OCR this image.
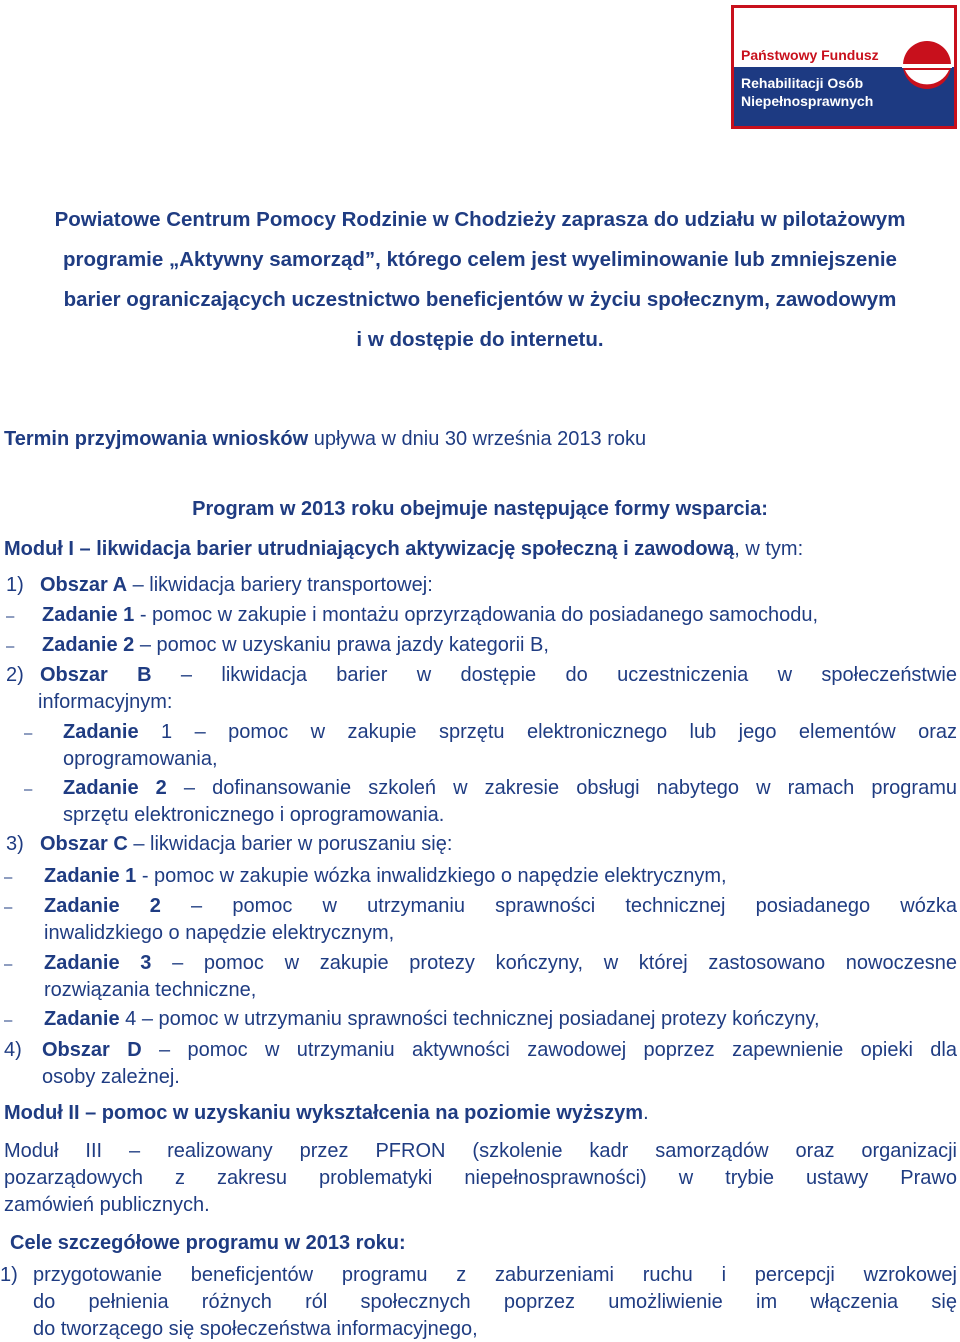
Państwowy Fundusz
Rehabilitacji Osób
Niepełnosprawnych
Powiatowe Centrum Pomocy Rodzinie w Chodzieży zaprasza do udziału w pilotażowym
programie „Aktywny samorząd”, którego celem jest wyeliminowanie lub zmniejszenie
barier ograniczających uczestnictwo beneficjentów w życiu społecznym, zawodowym
i w dostępie do internetu.
Termin przyjmowania wniosków upływa w dniu 30 września 2013 roku
Program w 2013 roku obejmuje następujące formy wsparcia:
Moduł I – likwidacja barier utrudniających aktywizację społeczną i zawodową, w tym:
1) Obszar A – likwidacja bariery transportowej:
– Zadanie 1 - pomoc w zakupie i montażu oprzyrządowania do posiadanego samochodu,
– Zadanie 2 – pomoc w uzyskaniu prawa jazdy kategorii B,
2) Obszar B – likwidacja barier w dostępie do uczestniczenia w społeczeństwie
informacyjnym:
– Zadanie 1 – pomoc w zakupie sprzętu elektronicznego lub jego elementów oraz
oprogramowania,
– Zadanie 2 – dofinansowanie szkoleń w zakresie obsługi nabytego w ramach programu
sprzętu elektronicznego i oprogramowania.
3) Obszar C – likwidacja barier w poruszaniu się:
– Zadanie 1 - pomoc w zakupie wózka inwalidzkiego o napędzie elektrycznym,
– Zadanie 2 – pomoc w utrzymaniu sprawności technicznej posiadanego wózka
inwalidzkiego o napędzie elektrycznym,
– Zadanie 3 – pomoc w zakupie protezy kończyny, w której zastosowano nowoczesne
rozwiązania techniczne,
– Zadanie 4 – pomoc w utrzymaniu sprawności technicznej posiadanej protezy kończyny,
4) Obszar D – pomoc w utrzymaniu aktywności zawodowej poprzez zapewnienie opieki dla
osoby zależnej.
Moduł II – pomoc w uzyskaniu wykształcenia na poziomie wyższym.
Moduł III – realizowany przez PFRON (szkolenie kadr samorządów oraz organizacji
pozarządowych z zakresu problematyki niepełnosprawności) w trybie ustawy Prawo
zamówień publicznych.
Cele szczegółowe programu w 2013 roku:
1) przygotowanie beneficjentów programu z zaburzeniami ruchu i percepcji wzrokowej
do pełnienia różnych ról społecznych poprzez umożliwienie im włączenia się
do tworzącego się społeczeństwa informacyjnego,
